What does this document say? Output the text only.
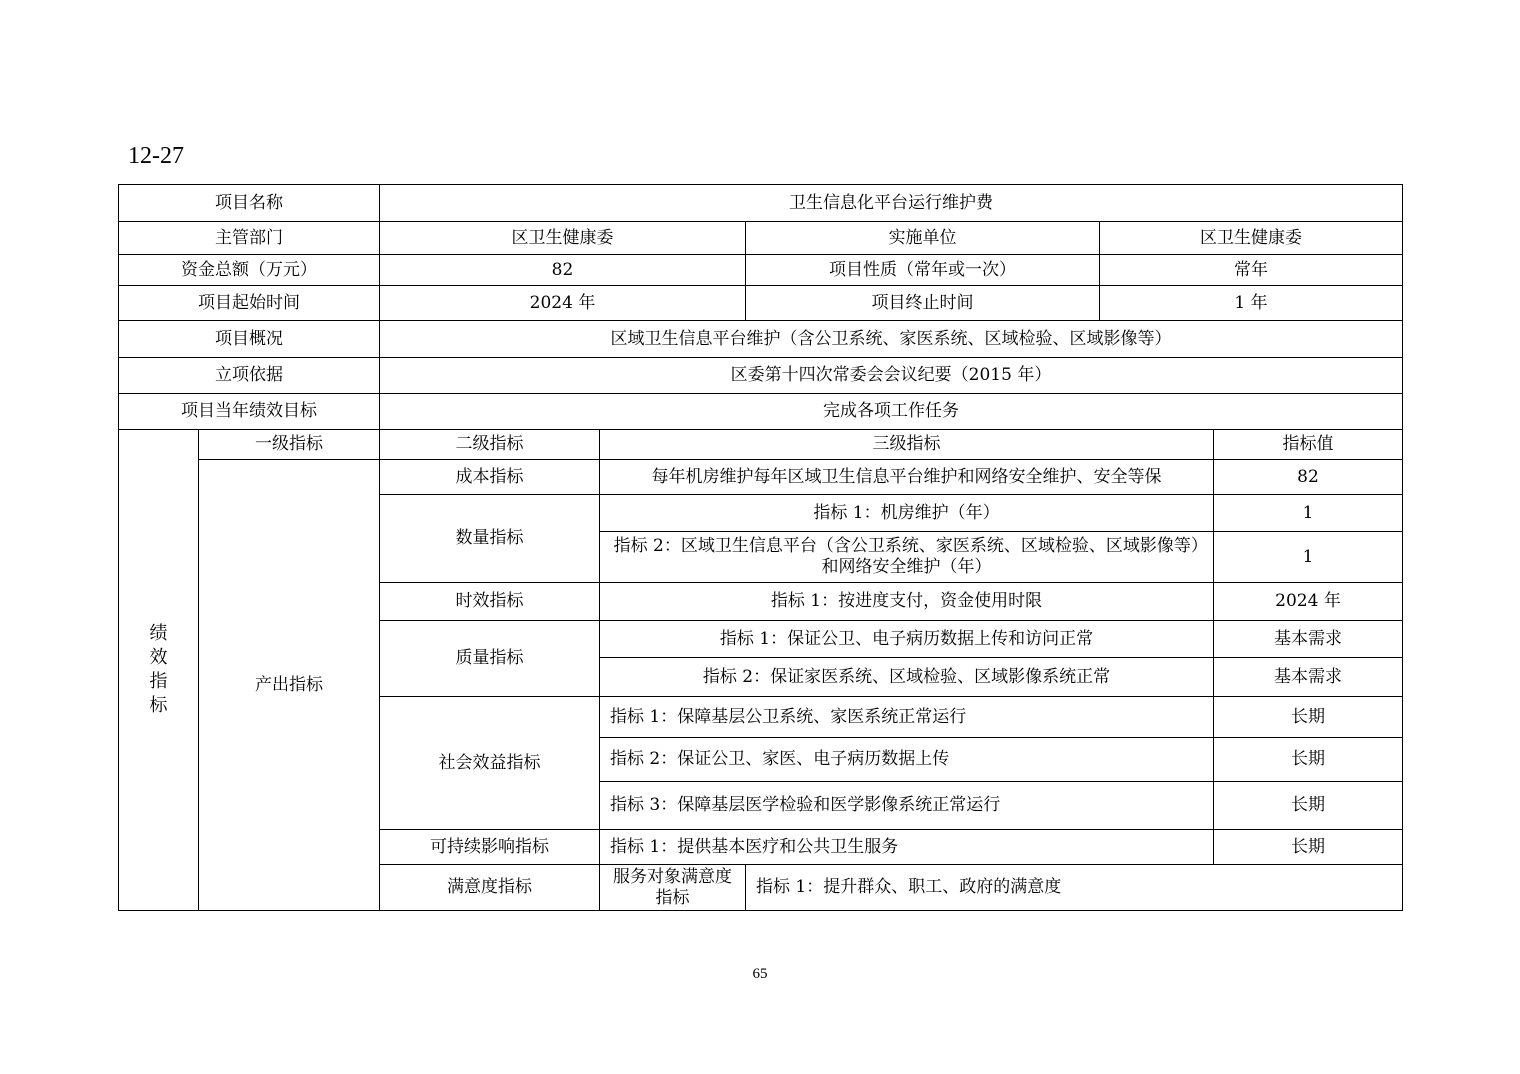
12-27
项目名称		卫生信息化平台运行维护费					
主管部门		区卫生健康委		实施单位	区卫生健康委		
资金总额（万元）		82		项目性质（常年或一次）	常年		
项目起始时间		2024 年		项目终止时间	1 年		
项目概况		区域卫生信息平台维护（含公卫系统、家医系统、区域检验、区域影像等）					
立项依据		区委第十四次常委会会议纪要（2015 年）					
项目当年绩效目标		完成各项工作任务					
绩效指标	一级指标	二级指标	三级指标			指标值	
	产出指标	成本指标	每年机房维护每年区域卫生信息平台维护和网络安全维护、安全等保			82	
		数量指标	指标 1：机房维护（年）			1	
			指标 2：区域卫生信息平台（含公卫系统、家医系统、区域检验、区域影像等）和网络安全维护（年）			1	
		时效指标	指标 1：按进度支付，资金使用时限			2024 年	
		质量指标	指标 1：保证公卫、电子病历数据上传和访问正常			基本需求	
			指标 2：保证家医系统、区域检验、区域影像系统正常			基本需求	
		社会效益指标	指标 1：保障基层公卫系统、家医系统正常运行			长期	
			指标 2：保证公卫、家医、电子病历数据上传			长期	
			指标 3：保障基层医学检验和医学影像系统正常运行			长期	
		可持续影响指标	指标 1：提供基本医疗和公共卫生服务			长期	
		满意度指标	服务对象满意度指标	指标 1：提升群众、职工、政府的满意度	
65
